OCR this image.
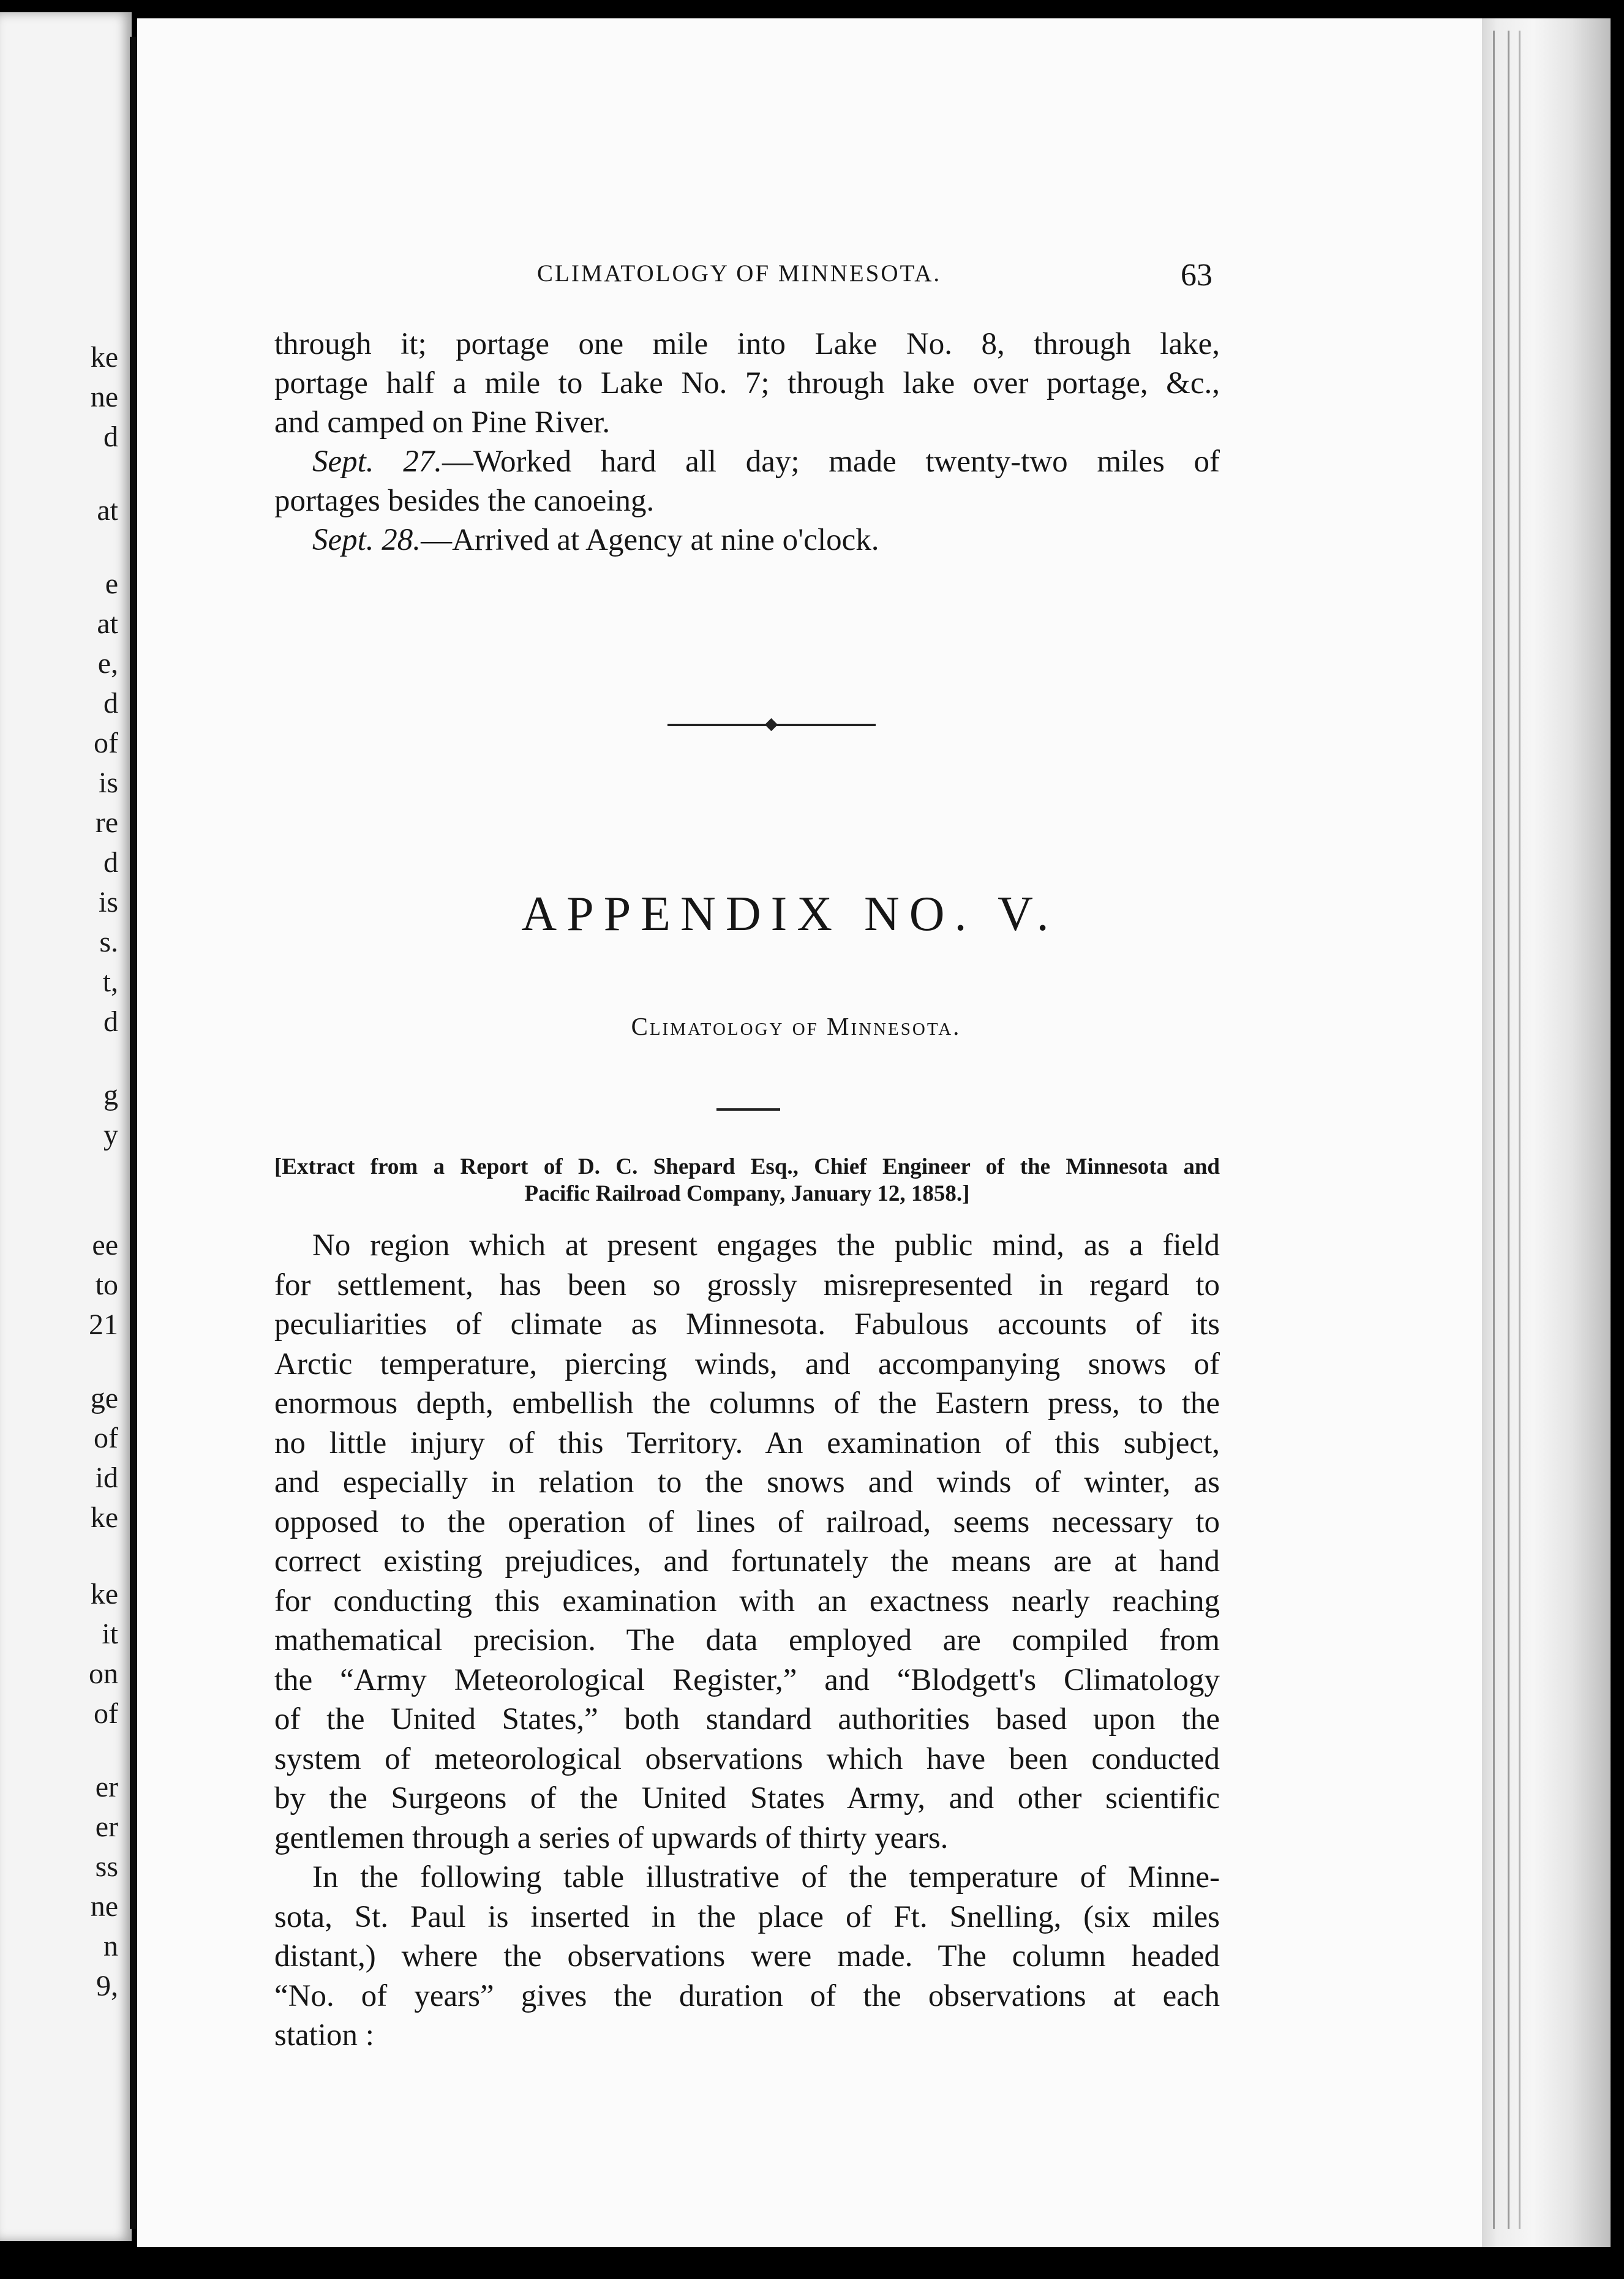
ke
ne
d
at
e
at
e,
d
of
is
re
d
is
s.
t,
d
g
y
ee
to
21
ge
of
id
ke
ke
it
on
of
er
er
ss
ne
n
9,
CLIMATOLOGY OF MINNESOTA.	63
through it; portage one mile into Lake No. 8, through lake,
portage half a mile to Lake No. 7; through lake over portage, &c.,
and camped on Pine River.
Sept. 27.—Worked hard all day; made twenty-two miles of
portages besides the canoeing.
Sept. 28.—Arrived at Agency at nine o'clock.
APPENDIX NO. V.
Climatology of Minnesota.
[Extract from a Report of D. C. Shepard Esq., Chief Engineer of the Minnesota and
Pacific Railroad Company, January 12, 1858.]
No region which at present engages the public mind, as a field
for settlement, has been so grossly misrepresented in regard to
peculiarities of climate as Minnesota. Fabulous accounts of its
Arctic temperature, piercing winds, and accompanying snows of
enormous depth, embellish the columns of the Eastern press, to the
no little injury of this Territory. An examination of this subject,
and especially in relation to the snows and winds of winter, as
opposed to the operation of lines of railroad, seems necessary to
correct existing prejudices, and fortunately the means are at hand
for conducting this examination with an exactness nearly reaching
mathematical precision. The data employed are compiled from
the “Army Meteorological Register,” and “Blodgett's Climatology
of the United States,” both standard authorities based upon the
system of meteorological observations which have been conducted
by the Surgeons of the United States Army, and other scientific
gentlemen through a series of upwards of thirty years.
In the following table illustrative of the temperature of Minne-
sota, St. Paul is inserted in the place of Ft. Snelling, (six miles
distant,) where the observations were made. The column headed
“No. of years” gives the duration of the observations at each
station :
